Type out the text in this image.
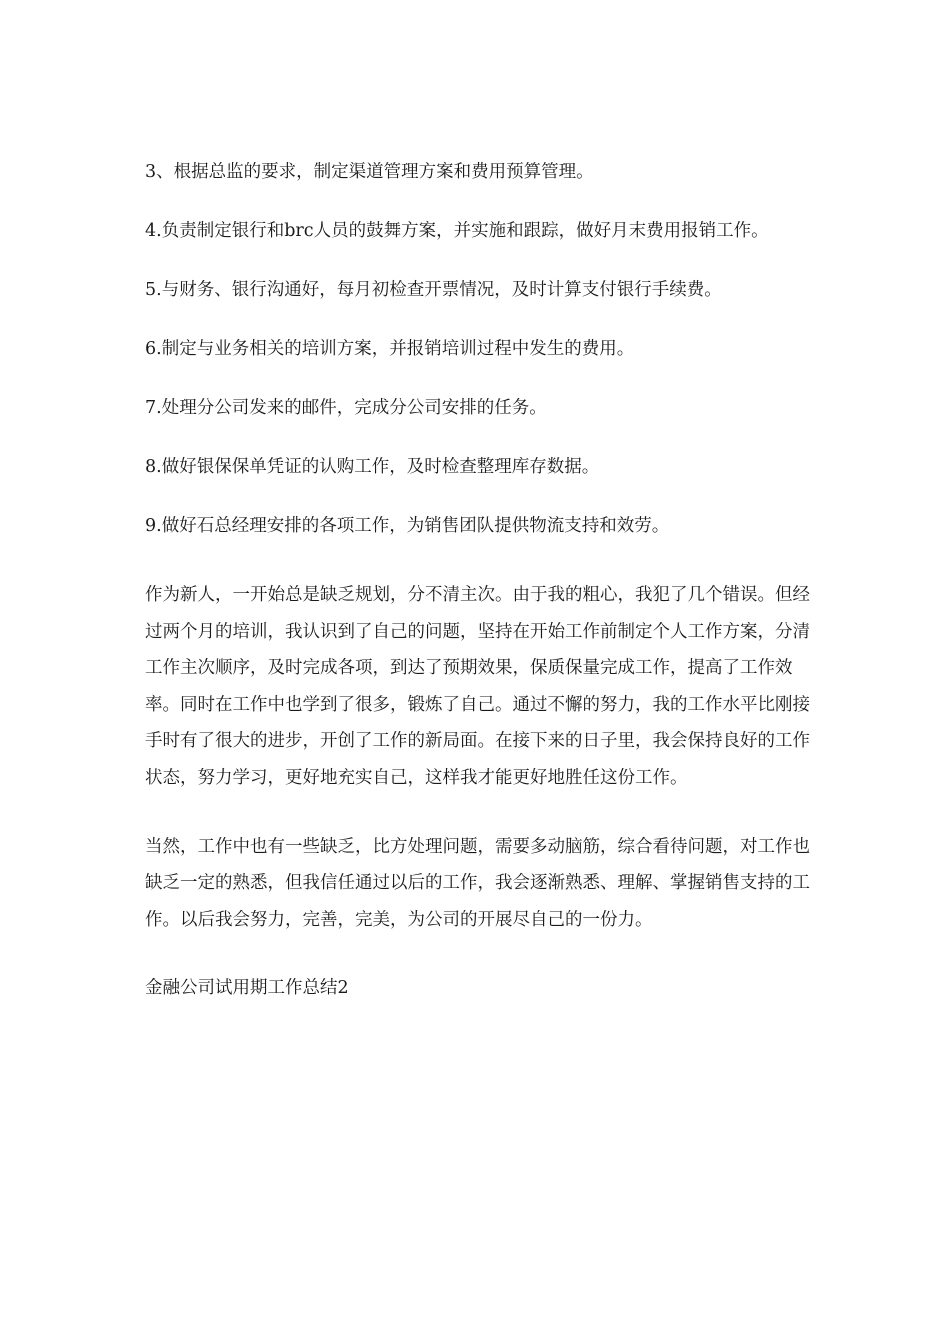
3、根据总监的要求，制定渠道管理方案和费用预算管理。

4.负责制定银行和brc人员的鼓舞方案，并实施和跟踪，做好月末费用报销工作。

5.与财务、银行沟通好，每月初检查开票情况，及时计算支付银行手续费。

6.制定与业务相关的培训方案，并报销培训过程中发生的费用。

7.处理分公司发来的邮件，完成分公司安排的任务。

8.做好银保保单凭证的认购工作，及时检查整理库存数据。

9.做好石总经理安排的各项工作，为销售团队提供物流支持和效劳。

作为新人，一开始总是缺乏规划，分不清主次。由于我的粗心，我犯了几个错误。但经过两个月的培训，我认识到了自己的问题，坚持在开始工作前制定个人工作方案，分清工作主次顺序，及时完成各项，到达了预期效果，保质保量完成工作，提高了工作效率。同时在工作中也学到了很多，锻炼了自己。通过不懈的努力，我的工作水平比刚接手时有了很大的进步，开创了工作的新局面。在接下来的日子里，我会保持良好的工作状态，努力学习，更好地充实自己，这样我才能更好地胜任这份工作。

当然，工作中也有一些缺乏，比方处理问题，需要多动脑筋，综合看待问题，对工作也缺乏一定的熟悉，但我信任通过以后的工作，我会逐渐熟悉、理解、掌握销售支持的工作。以后我会努力，完善，完美，为公司的开展尽自己的一份力。

金融公司试用期工作总结2
